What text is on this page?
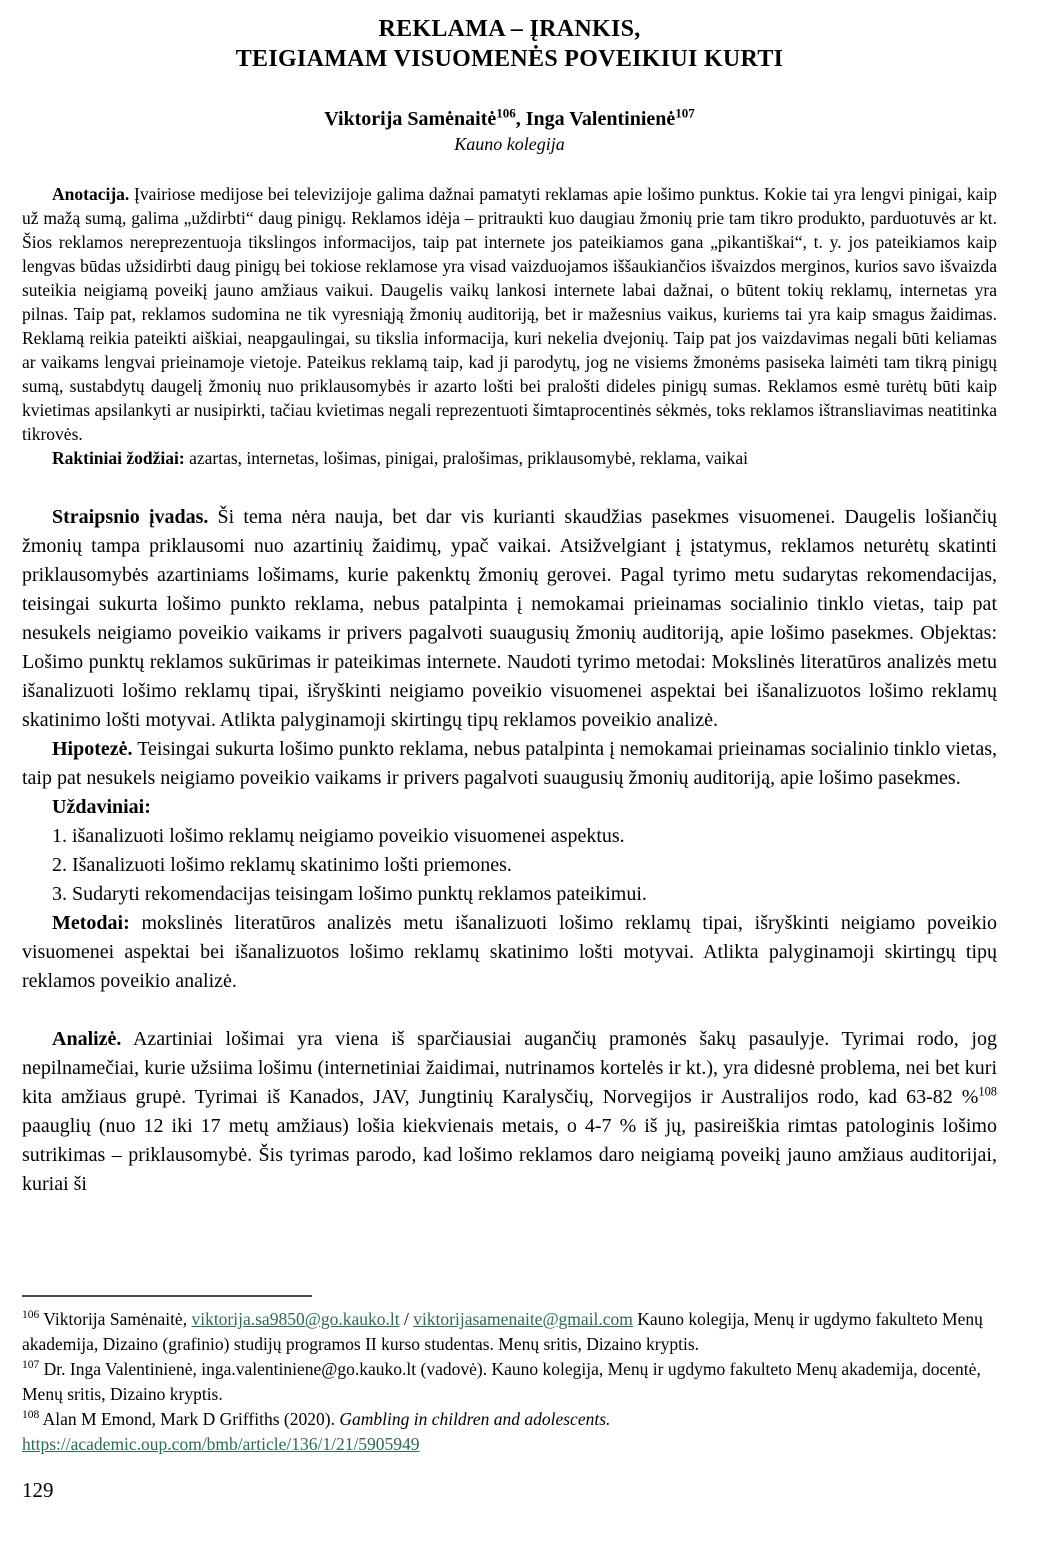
REKLAMA – ĮRANKIS,
TEIGIAMAM VISUOMENĖS POVEIKIUI KURTI

Viktorija Samėnaitė$^{106}$, Inga Valentinienė$^{107}$

Kauno kolegija

Anotacija. Įvairiose medijose bei televizijoje galima dažnai pamatyti reklamas apie lošimo punktus. Kokie tai yra lengvi pinigai, kaip už mažą sumą, galima „uždirbti“ daug pinigų. Reklamos idėja – pritraukti kuo daugiau žmonių prie tam tikro produkto, parduotuvės ar kt. Šios reklamos nereprezentuoja tikslingos informacijos, taip pat internete jos pateikiamos gana „pikantiškai“, t. y. jos pateikiamos kaip lengvas būdas užsidirbti daug pinigų bei tokiose reklamose yra visad vaizduojamos iššaukiančios išvaizdos merginos, kurios savo išvaizda suteikia neigiamą poveikį jauno amžiaus vaikui. Daugelis vaikų lankosi internete labai dažnai, o būtent tokių reklamų, internetas yra pilnas. Taip pat, reklamos sudomina ne tik vyresniąją žmonių auditoriją, bet ir mažesnius vaikus, kuriems tai yra kaip smagus žaidimas. Reklamą reikia pateikti aiškiai, neapgaulingai, su tikslia informacija, kuri nekelia dvejonių. Taip pat jos vaizdavimas negali būti keliamas ar vaikams lengvai prieinamoje vietoje. Pateikus reklamą taip, kad ji parodytų, jog ne visiems žmonėms pasiseka laimėti tam tikrą pinigų sumą, sustabdytų daugelį žmonių nuo priklausomybės ir azarto lošti bei pralošti dideles pinigų sumas. Reklamos esmė turėtų būti kaip kvietimas apsilankyti ar nusipirkti, tačiau kvietimas negali reprezentuoti šimtaprocentinės sėkmės, toks reklamos ištransliavimas neatitinka tikrovės.

Raktiniai žodžiai: azartas, internetas, lošimas, pinigai, pralošimas, priklausomybė, reklama, vaikai

Straipsnio įvadas. Ši tema nėra nauja, bet dar vis kurianti skaudžias pasekmes visuomenei. Daugelis lošiančių žmonių tampa priklausomi nuo azartinių žaidimų, ypač vaikai. Atsižvelgiant į įstatymus, reklamos neturėtų skatinti priklausomybės azartiniams lošimams, kurie pakenktų žmonių gerovei. Pagal tyrimo metu sudarytas rekomendacijas, teisingai sukurta lošimo punkto reklama, nebus patalpinta į nemokamai prieinamas socialinio tinklo vietas, taip pat nesukels neigiamo poveikio vaikams ir privers pagalvoti suaugusių žmonių auditoriją, apie lošimo pasekmes. Objektas: Lošimo punktų reklamos sukūrimas ir pateikimas internete. Naudoti tyrimo metodai: Mokslinės literatūros analizės metu išanalizuoti lošimo reklamų tipai, išryškinti neigiamo poveikio visuomenei aspektai bei išanalizuotos lošimo reklamų skatinimo lošti motyvai. Atlikta palyginamoji skirtingų tipų reklamos poveikio analizė.

Hipotezė. Teisingai sukurta lošimo punkto reklama, nebus patalpinta į nemokamai prieinamas socialinio tinklo vietas, taip pat nesukels neigiamo poveikio vaikams ir privers pagalvoti suaugusių žmonių auditoriją, apie lošimo pasekmes.

Uždaviniai:

1. išanalizuoti lošimo reklamų neigiamo poveikio visuomenei aspektus.

2. Išanalizuoti lošimo reklamų skatinimo lošti priemones.

3. Sudaryti rekomendacijas teisingam lošimo punktų reklamos pateikimui.

Metodai: mokslinės literatūros analizės metu išanalizuoti lošimo reklamų tipai, išryškinti neigiamo poveikio visuomenei aspektai bei išanalizuotos lošimo reklamų skatinimo lošti motyvai. Atlikta palyginamoji skirtingų tipų reklamos poveikio analizė.

Analizė. Azartiniai lošimai yra viena iš sparčiausiai augančių pramonės šakų pasaulyje. Tyrimai rodo, jog nepilnamečiai, kurie užsiima lošimu (internetiniai žaidimai, nutrinamos kortelės ir kt.), yra didesnė problema, nei bet kuri kita amžiaus grupė. Tyrimai iš Kanados, JAV, Jungtinių Karalysčių, Norvegijos ir Australijos rodo, kad 63-82 %$^{108}$ paauglių (nuo 12 iki 17 metų amžiaus) lošia kiekvienais metais, o 4-7 % iš jų, pasireiškia rimtas patologinis lošimo sutrikimas – priklausomybė. Šis tyrimas parodo, kad lošimo reklamos daro neigiamą poveikį jauno amžiaus auditorijai, kuriai ši

$^{106}$ Viktorija Samėnaitė, viktorija.sa9850@go.kauko.lt / viktorijasamenaite@gmail.com Kauno kolegija, Menų ir ugdymo fakulteto Menų akademija, Dizaino (grafinio) studijų programos II kurso studentas. Menų sritis, Dizaino kryptis.

$^{107}$ Dr. Inga Valentinienė, inga.valentiniene@go.kauko.lt (vadovė). Kauno kolegija, Menų ir ugdymo fakulteto Menų akademija, docentė, Menų sritis, Dizaino kryptis.

$^{108}$ Alan M Emond, Mark D Griffiths (2020). Gambling in children and adolescents.
https://academic.oup.com/bmb/article/136/1/21/5905949

129
